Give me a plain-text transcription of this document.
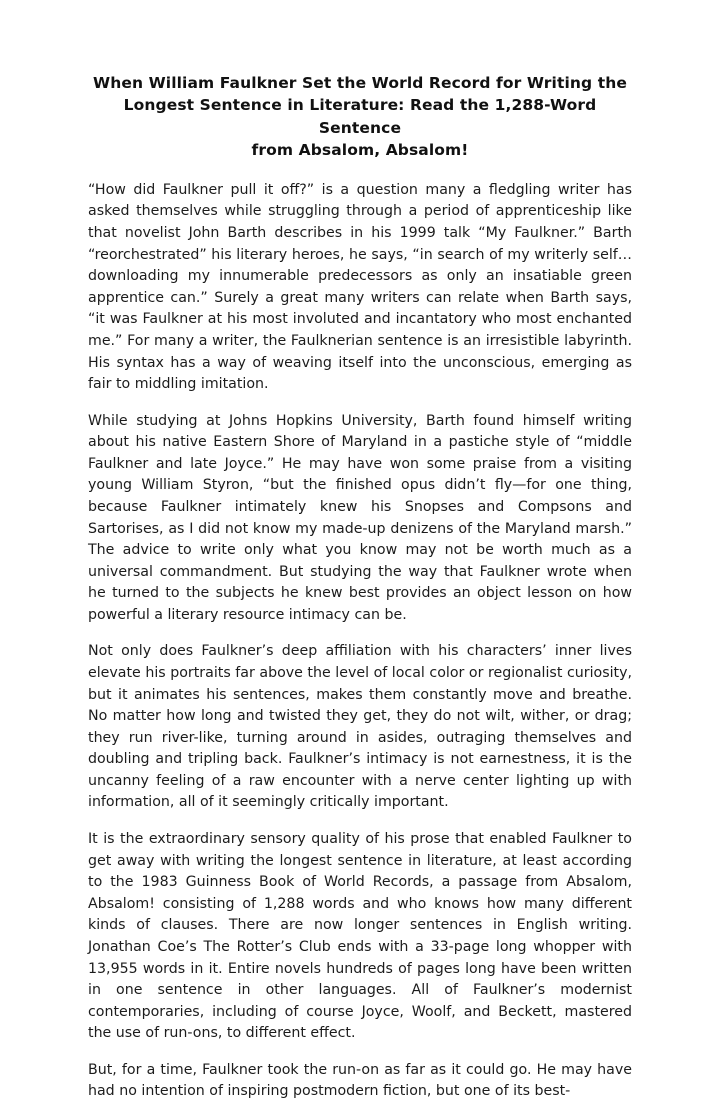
When William Faulkner Set the World Record for Writing the
Longest Sentence in Literature: Read the 1,288-Word Sentence
from Absalom, Absalom!

“How did Faulkner pull it off?” is a question many a fledgling writer has asked themselves while struggling through a period of apprenticeship like that novelist John Barth describes in his 1999 talk “My Faulkner.” Barth “reorchestrated” his literary heroes, he says, “in search of my writerly self… downloading my innumerable predecessors as only an insatiable green apprentice can.” Surely a great many writers can relate when Barth says, “it was Faulkner at his most involuted and incantatory who most enchanted me.” For many a writer, the Faulknerian sentence is an irresistible labyrinth. His syntax has a way of weaving itself into the unconscious, emerging as fair to middling imitation.

While studying at Johns Hopkins University, Barth found himself writing about his native Eastern Shore of Maryland in a pastiche style of “middle Faulkner and late Joyce.” He may have won some praise from a visiting young William Styron, “but the finished opus didn’t fly—for one thing, because Faulkner intimately knew his Snopses and Compsons and Sartorises, as I did not know my made-up denizens of the Maryland marsh.” The advice to write only what you know may not be worth much as a universal commandment. But studying the way that Faulkner wrote when he turned to the subjects he knew best provides an object lesson on how powerful a literary resource intimacy can be.

Not only does Faulkner’s deep affiliation with his characters’ inner lives elevate his portraits far above the level of local color or regionalist curiosity, but it animates his sentences, makes them constantly move and breathe. No matter how long and twisted they get, they do not wilt, wither, or drag; they run river-like, turning around in asides, outraging themselves and doubling and tripling back. Faulkner’s intimacy is not earnestness, it is the uncanny feeling of a raw encounter with a nerve center lighting up with information, all of it seemingly critically important.

It is the extraordinary sensory quality of his prose that enabled Faulkner to get away with writing the longest sentence in literature, at least according to the 1983 Guinness Book of World Records, a passage from Absalom, Absalom! consisting of 1,288 words and who knows how many different kinds of clauses. There are now longer sentences in English writing. Jonathan Coe’s The Rotter’s Club ends with a 33-page long whopper with 13,955 words in it. Entire novels hundreds of pages long have been written in one sentence in other languages. All of Faulkner’s modernist contemporaries, including of course Joyce, Woolf, and Beckett, mastered the use of run-ons, to different effect.

But, for a time, Faulkner took the run-on as far as it could go. He may have had no intention of inspiring postmodern fiction, but one of its best-
